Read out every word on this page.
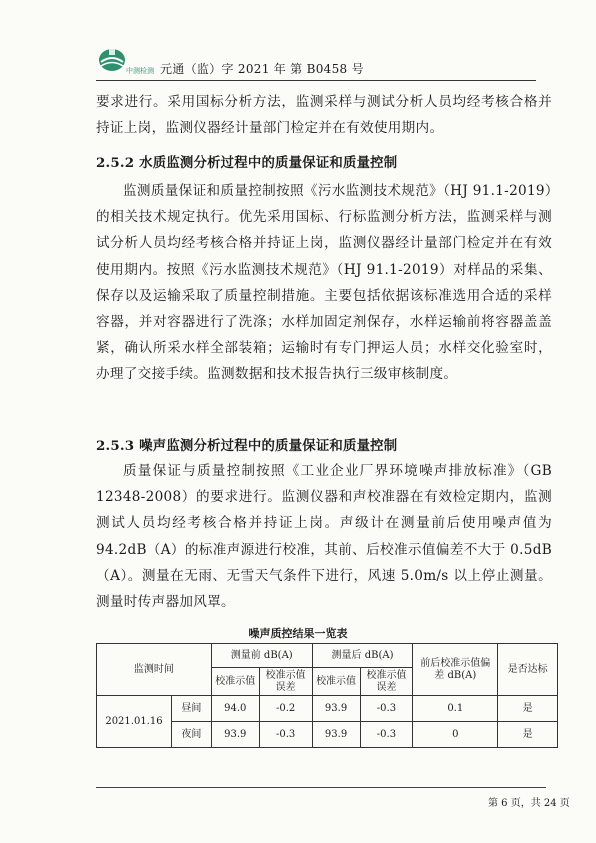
中测检测 元通（监）字 2021 年 第 B0458 号

要求进行。采用国标分析方法，监测采样与测试分析人员均经考核合格并持证上岗，监测仪器经计量部门检定并在有效使用期内。

2.5.2 水质监测分析过程中的质量保证和质量控制

监测质量保证和质量控制按照《污水监测技术规范》（HJ 91.1-2019）的相关技术规定执行。优先采用国标、行标监测分析方法，监测采样与测试分析人员均经考核合格并持证上岗，监测仪器经计量部门检定并在有效使用期内。按照《污水监测技术规范》（HJ 91.1-2019）对样品的采集、保存以及运输采取了质量控制措施。主要包括依据该标准选用合适的采样容器，并对容器进行了洗涤；水样加固定剂保存，水样运输前将容器盖盖紧，确认所采水样全部装箱；运输时有专门押运人员；水样交化验室时，办理了交接手续。监测数据和技术报告执行三级审核制度。

2.5.3 噪声监测分析过程中的质量保证和质量控制

质量保证与质量控制按照《工业企业厂界环境噪声排放标准》（GB 12348-2008）的要求进行。监测仪器和声校准器在有效检定期内，监测测试人员均经考核合格并持证上岗。声级计在测量前后使用噪声值为 94.2dB（A）的标准声源进行校准，其前、后校准示值偏差不大于 0.5dB（A）。测量在无雨、无雪天气条件下进行，风速 5.0m/s 以上停止测量。测量时传声器加风罩。

噪声质控结果一览表
监测时间		测量前 dB(A)		测量后 dB(A)		前后校准示值偏差 dB(A)	是否达标
		校准示值	校准示值误差	校准示值	校准示值误差		
2021.01.16	昼间	94.0	-0.2	93.9	-0.3	0.1	是
	夜间	93.9	-0.3	93.9	-0.3	0	是
第 6 页，共 24 页
